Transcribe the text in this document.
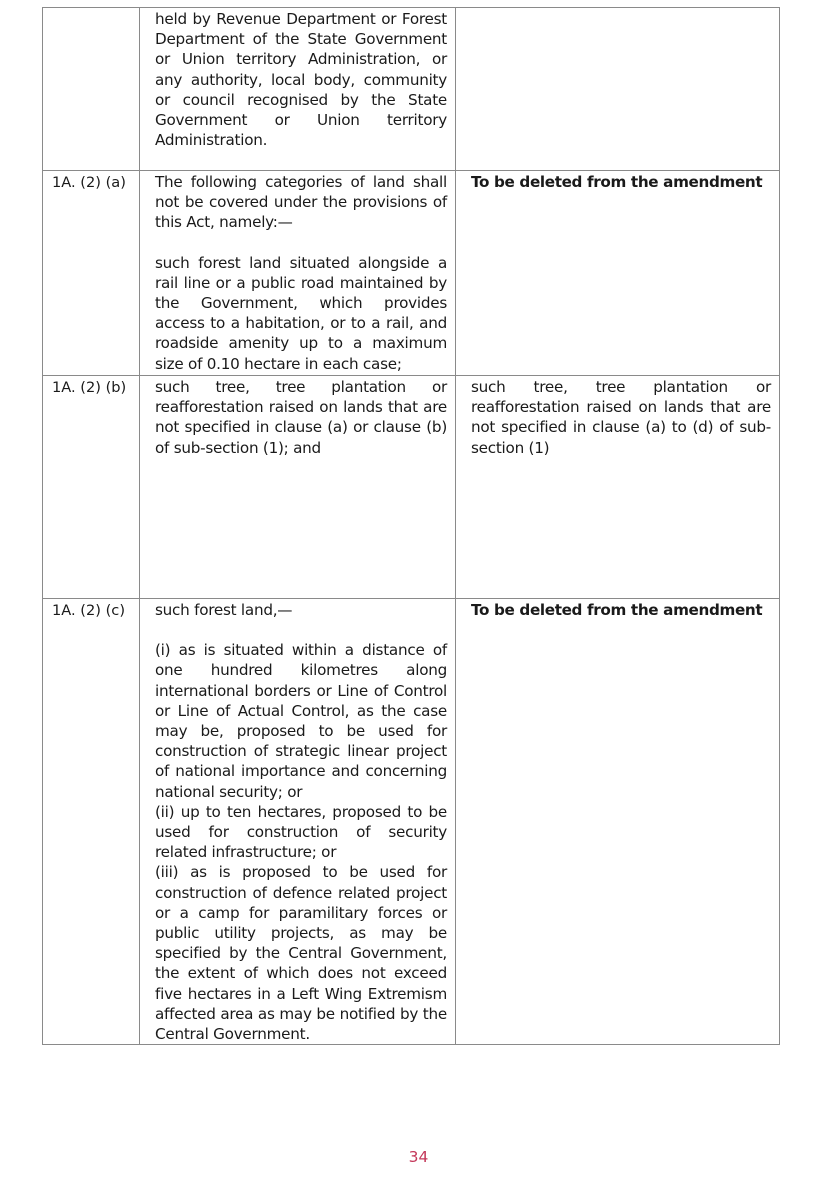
	held by Revenue Department or Forest Department of the State Government or Union territory Administration, or any authority, local body, community or council recognised by the State Government or Union territory Administration.	

1A. (2) (a)	The following categories of land shall not be covered under the provisions of this Act, namely:—

such forest land situated alongside a rail line or a public road maintained by the Government, which provides access to a habitation, or to a rail, and roadside amenity up to a maximum size of 0.10 hectare in each case;	To be deleted from the amendment

1A. (2) (b)	such tree, tree plantation or reafforestation raised on lands that are not specified in clause (a) or clause (b) of sub-section (1); and	such tree, tree plantation or reafforestation raised on lands that are not specified in clause (a) to (d) of sub-section (1)

1A. (2) (c)	such forest land,—

(i) as is situated within a distance of one hundred kilometres along international borders or Line of Control or Line of Actual Control, as the case may be, proposed to be used for construction of strategic linear project of national importance and concerning national security; or

(ii) up to ten hectares, proposed to be used for construction of security related infrastructure; or

(iii) as is proposed to be used for construction of defence related project or a camp for paramilitary forces or public utility projects, as may be specified by the Central Government, the extent of which does not exceed five hectares in a Left Wing Extremism affected area as may be notified by the Central Government.	To be deleted from the amendment

34
